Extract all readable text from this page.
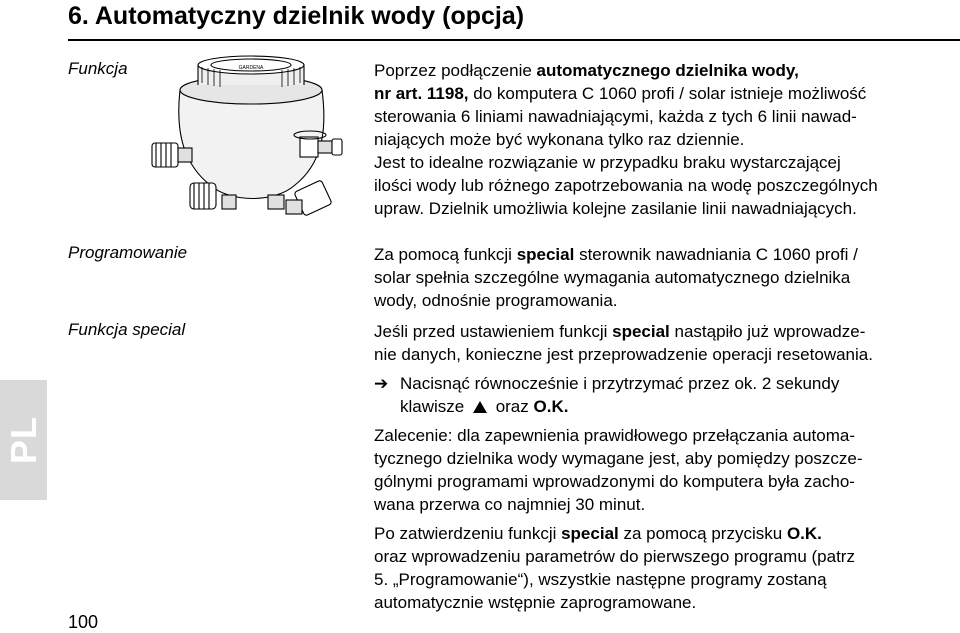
6. Automatyczny dzielnik wody (opcja)
Funkcja
Programowanie
Funkcja special
GARDENA	Poprzez podłączenie automatycznego dzielnika wody,
nr art. 1198, do komputera C 1060 profi / solar istnieje możliwość
sterowania 6 liniami nawadniającymi, każda z tych 6 linii nawad-
niających może być wykonana tylko raz dziennie.
Jest to idealne rozwiązanie w przypadku braku wystarczającej
ilości wody lub różnego zapotrzebowania na wodę poszczególnych
upraw. Dzielnik umożliwia kolejne zasilanie linii nawadniających.
Za pomocą funkcji special sterownik nawadniania C 1060 profi /
solar spełnia szczególne wymagania automatycznego dzielnika
wody, odnośnie programowania.
Jeśli przed ustawieniem funkcji special nastąpiło już wprowadze-
nie danych, konieczne jest przeprowadzenie operacji resetowania.
➔ Nacisnąć równocześnie i przytrzymać przez ok. 2 sekundy
klawisze  oraz O.K.
Zalecenie: dla zapewnienia prawidłowego przełączania automa-
tycznego dzielnika wody wymagane jest, aby pomiędzy poszcze-
gólnymi programami wprowadzonymi do komputera była zacho-
wana przerwa co najmniej 30 minut.
Po zatwierdzeniu funkcji special za pomocą przycisku O.K.
oraz wprowadzeniu parametrów do pierwszego programu (patrz
5. „Programowanie“), wszystkie następne programy zostaną
automatycznie wstępnie zaprogramowane.
PL
100
